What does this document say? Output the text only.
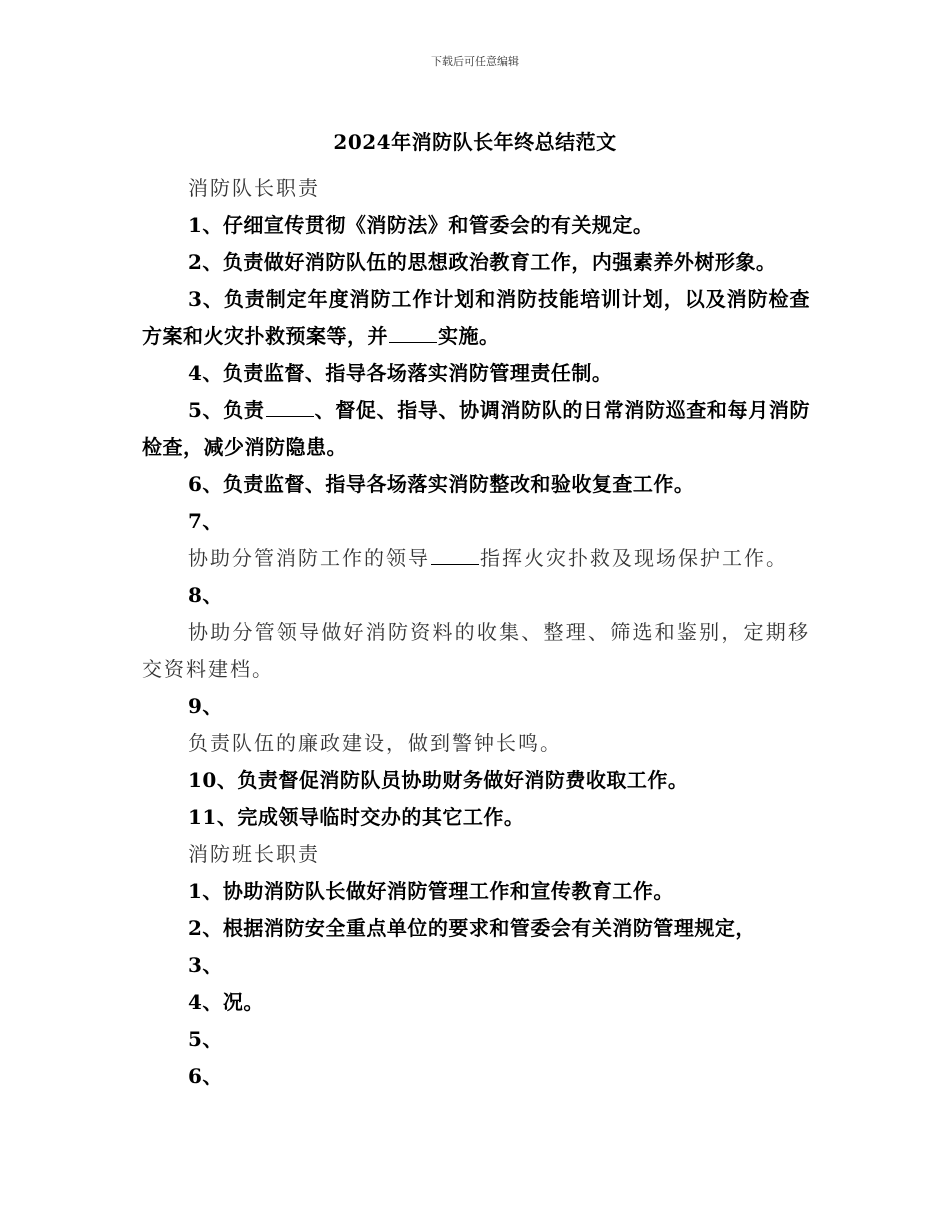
下载后可任意编辑
2024年消防队长年终总结范文

消防队长职责

1、仔细宣传贯彻《消防法》和管委会的有关规定。

2、负责做好消防队伍的思想政治教育工作，内强素养外树形象。

3、负责制定年度消防工作计划和消防技能培训计划，以及消防检查方案和火灾扑救预案等，并	实施。

4、负责监督、指导各场落实消防管理责任制。

5、负责	、督促、指导、协调消防队的日常消防巡查和每月消防检查，减少消防隐患。

6、负责监督、指导各场落实消防整改和验收复查工作。

7、

协助分管消防工作的领导	指挥火灾扑救及现场保护工作。

8、

协助分管领导做好消防资料的收集、整理、筛选和鉴别，定期移交资料建档。

9、

负责队伍的廉政建设，做到警钟长鸣。

10、负责督促消防队员协助财务做好消防费收取工作。

11、完成领导临时交办的其它工作。

消防班长职责

1、协助消防队长做好消防管理工作和宣传教育工作。

2、根据消防安全重点单位的要求和管委会有关消防管理规定，

3、

4、况。

5、

6、
